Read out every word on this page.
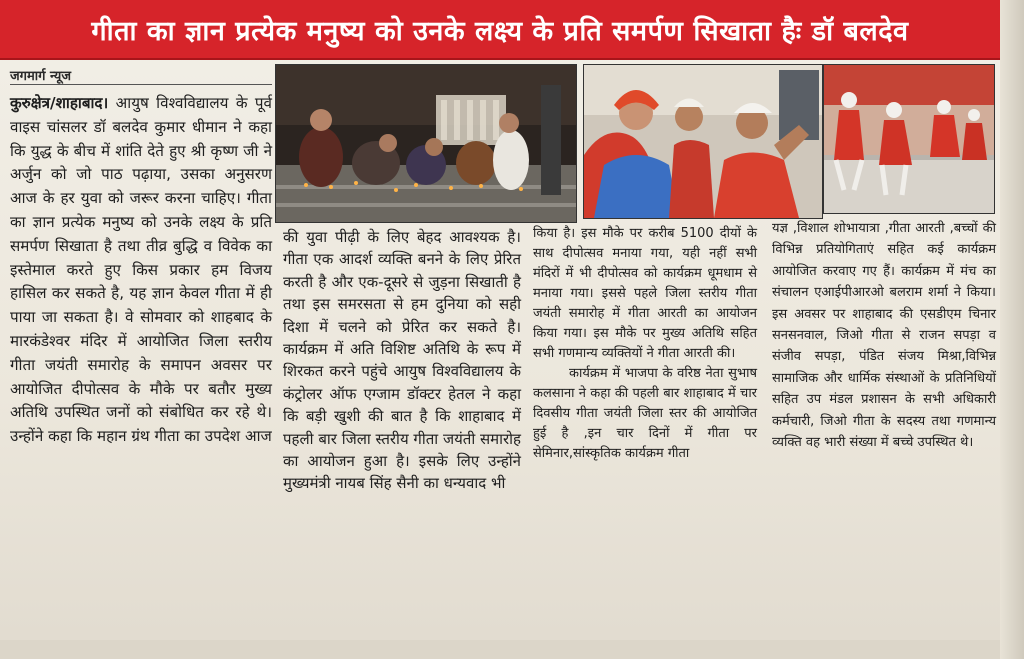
गीता का ज्ञान प्रत्येक मनुष्य को उनके लक्ष्य के प्रति समर्पण सिखाता हैः डॉ बलदेव
जगमार्ग न्यूज

कुरुक्षेत्र/शाहाबाद। आयुष विश्वविद्यालय के पूर्व वाइस चांसलर डॉ बलदेव कुमार धीमान ने कहा कि युद्ध के बीच में शांति देते हुए श्री कृष्ण जी ने अर्जुन को जो पाठ पढ़ाया, उसका अनुसरण आज के हर युवा को जरूर करना चाहिए। गीता का ज्ञान प्रत्येक मनुष्य को उनके लक्ष्य के प्रति समर्पण सिखाता है तथा तीव्र बुद्धि व विवेक का इस्तेमाल करते हुए किस प्रकार हम विजय हासिल कर सकते है, यह ज्ञान केवल गीता में ही पाया जा सकता है। वे सोमवार को शाहबाद के मारकंडेश्वर मंदिर में आयोजित जिला स्तरीय गीता जयंती समारोह के समापन अवसर पर आयोजित दीपोत्सव के मौके पर बतौर मुख्य अतिथि उपस्थित जनों को संबोधित कर रहे थे। उन्होंने कहा कि महान ग्रंथ गीता का उपदेश आज

की युवा पीढ़ी के लिए बेहद आवश्यक है। गीता एक आदर्श व्यक्ति बनने के लिए प्रेरित करती है और एक-दूसरे से जुड़ना सिखाती है तथा इस समरसता से हम दुनिया को सही दिशा में चलने को प्रेरित कर सकते है। कार्यक्रम में अति विशिष्ट अतिथि के रूप में शिरकत करने पहुंचे आयुष विश्वविद्यालय के कंट्रोलर ऑफ एग्जाम डॉक्टर हेतल ने कहा कि बड़ी खुशी की बात है कि शाहाबाद में पहली बार जिला स्तरीय गीता जयंती समारोह का आयोजन हुआ है। इसके लिए उन्होंने मुख्यमंत्री नायब सिंह सैनी का धन्यवाद भी

किया है। इस मौके पर करीब 5100 दीयों के साथ दीपोत्सव मनाया गया, यही नहीं सभी मंदिरों में भी दीपोत्सव को कार्यक्रम धूमधाम से मनाया गया। इससे पहले जिला स्तरीय गीता जयंती समारोह में गीता आरती का आयोजन किया गया। इस मौके पर मुख्य अतिथि सहित सभी गणमान्य व्यक्तियों ने गीता आरती की।

कार्यक्रम में भाजपा के वरिष्ठ नेता सुभाष कलसाना ने कहा की पहली बार शाहाबाद में चार दिवसीय गीता जयंती जिला स्तर की आयोजित हुई है ,इन चार दिनों में गीता पर सेमिनार,सांस्कृतिक कार्यक्रम गीता

यज्ञ ,विशाल शोभायात्रा ,गीता आरती ,बच्चों की विभिन्न प्रतियोगिताएं सहित कई कार्यक्रम आयोजित करवाए गए हैं। कार्यक्रम में मंच का संचालन एआईपीआरओ बलराम शर्मा ने किया। इस अवसर पर शाहाबाद की एसडीएम चिनार सनसनवाल, जिओ गीता से राजन सपड़ा व संजीव सपड़ा, पंडित संजय मिश्रा,विभिन्न सामाजिक और धार्मिक संस्थाओं के प्रतिनिधियों सहित उप मंडल प्रशासन के सभी अधिकारी कर्मचारी, जिओ गीता के सदस्य तथा गणमान्य व्यक्ति वह भारी संख्या में बच्चे उपस्थित थे।
